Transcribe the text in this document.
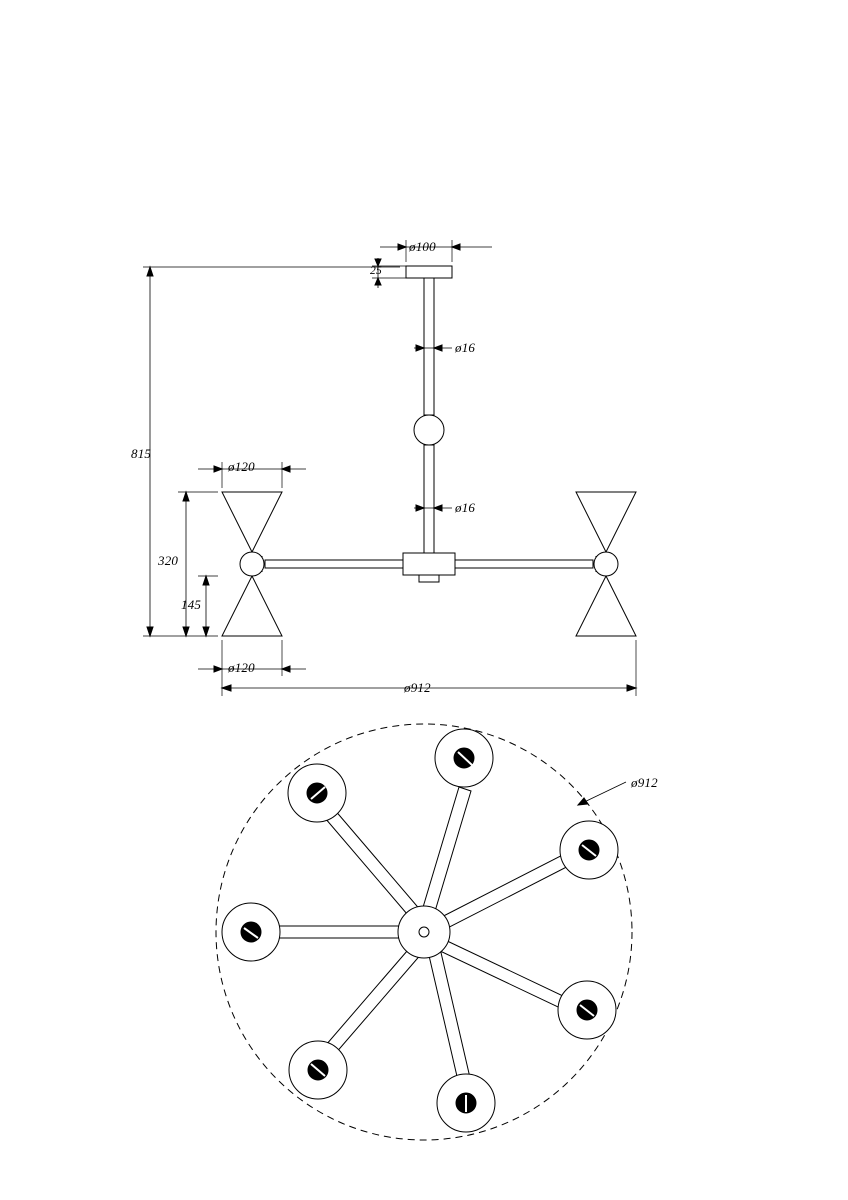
ø100
25
ø16
ø16
815
ø120
320
145
ø120
ø912
ø912
